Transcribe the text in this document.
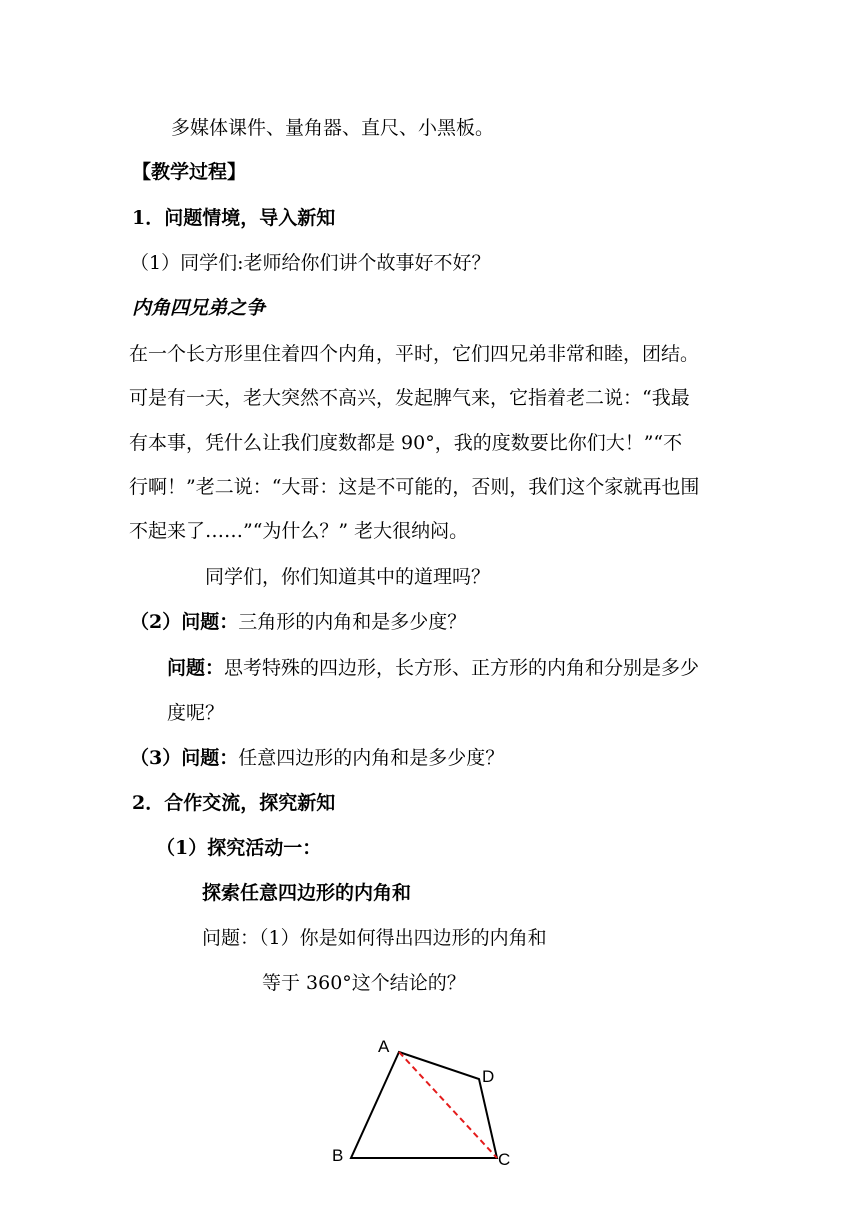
多媒体课件、量角器、直尺、小黑板。
【教学过程】
1．问题情境，导入新知
（1）同学们:老师给你们讲个故事好不好？
内角四兄弟之争
在一个长方形里住着四个内角，平时，它们四兄弟非常和睦，团结。
可是有一天，老大突然不高兴，发起脾气来，它指着老二说：“我最
有本事，凭什么让我们度数都是 90°，我的度数要比你们大！”“不
行啊！”老二说：“大哥：这是不可能的，否则，我们这个家就再也围
不起来了……”“为什么？” 老大很纳闷。
同学们，你们知道其中的道理吗？
（2）问题：三角形的内角和是多少度？
问题：思考特殊的四边形，长方形、正方形的内角和分别是多少
度呢？
（3）问题：任意四边形的内角和是多少度？
2．合作交流，探究新知
（1）探究活动一：
探索任意四边形的内角和
问题：（1）你是如何得出四边形的内角和
等于 360°这个结论的？
A
D
B	C
